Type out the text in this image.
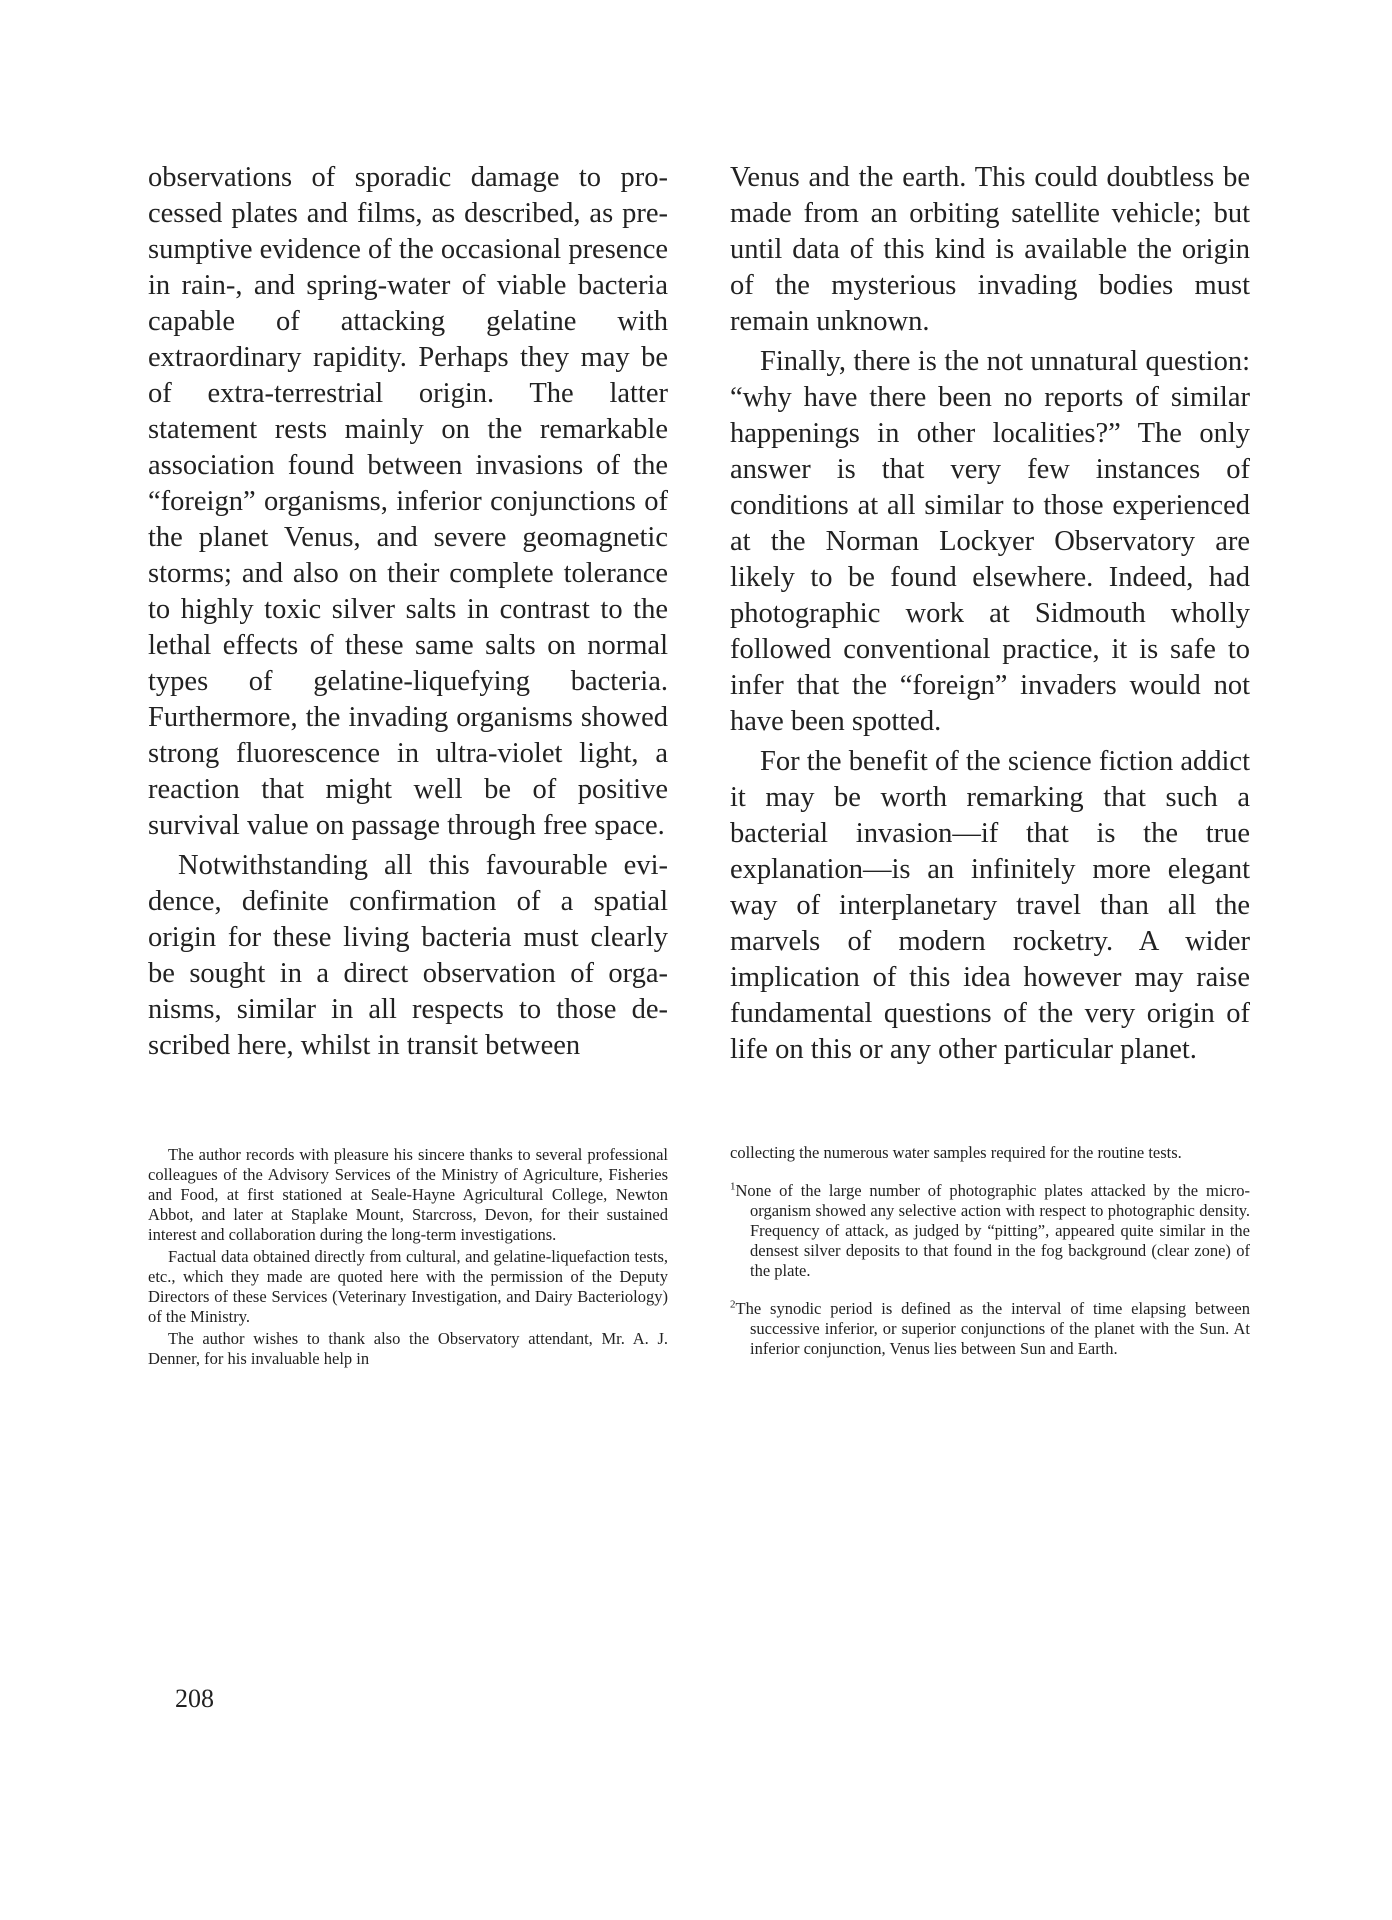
observations of sporadic damage to processed plates and films, as described, as presumptive evidence of the occasional presence in rain-, and spring-water of viable bacteria capable of attacking gelatine with extraordinary rapidity. Perhaps they may be of extra-terrestrial origin. The latter statement rests mainly on the remarkable association found between invasions of the “foreign” organisms, inferior conjunctions of the planet Venus, and severe geomagnetic storms; and also on their complete tolerance to highly toxic silver salts in contrast to the lethal effects of these same salts on normal types of gelatine-liquefying bacteria. Furthermore, the invading organisms showed strong fluorescence in ultra-violet light, a reaction that might well be of positive survival value on passage through free space.

Notwithstanding all this favourable evidence, definite confirmation of a spatial origin for these living bacteria must clearly be sought in a direct observation of organisms, similar in all respects to those described here, whilst in transit between

Venus and the earth. This could doubtless be made from an orbiting satellite vehicle; but until data of this kind is available the origin of the mysterious invading bodies must remain unknown.

Finally, there is the not unnatural question: “why have there been no reports of similar happenings in other localities?” The only answer is that very few instances of conditions at all similar to those experienced at the Norman Lockyer Observatory are likely to be found elsewhere. Indeed, had photographic work at Sidmouth wholly followed conventional practice, it is safe to infer that the “foreign” invaders would not have been spotted.

For the benefit of the science fiction addict it may be worth remarking that such a bacterial invasion—if that is the true explanation—is an infinitely more elegant way of interplanetary travel than all the marvels of modern rocketry. A wider implication of this idea however may raise fundamental questions of the very origin of life on this or any other particular planet.

The author records with pleasure his sincere thanks to several professional colleagues of the Advisory Services of the Ministry of Agriculture, Fisheries and Food, at first stationed at Seale-Hayne Agricultural College, Newton Abbot, and later at Staplake Mount, Starcross, Devon, for their sustained interest and collaboration during the long-term investigations.

Factual data obtained directly from cultural, and gelatine-liquefaction tests, etc., which they made are quoted here with the permission of the Deputy Directors of these Services (Veterinary Investigation, and Dairy Bacteriology) of the Ministry.

The author wishes to thank also the Observatory attendant, Mr. A. J. Denner, for his invaluable help in

collecting the numerous water samples required for the routine tests.

$^1$None of the large number of photographic plates attacked by the micro-organism showed any selective action with respect to photographic density. Frequency of attack, as judged by “pitting”, appeared quite similar in the densest silver deposits to that found in the fog background (clear zone) of the plate.

$^2$The synodic period is defined as the interval of time elapsing between successive inferior, or superior conjunctions of the planet with the Sun. At inferior conjunction, Venus lies between Sun and Earth.

208
